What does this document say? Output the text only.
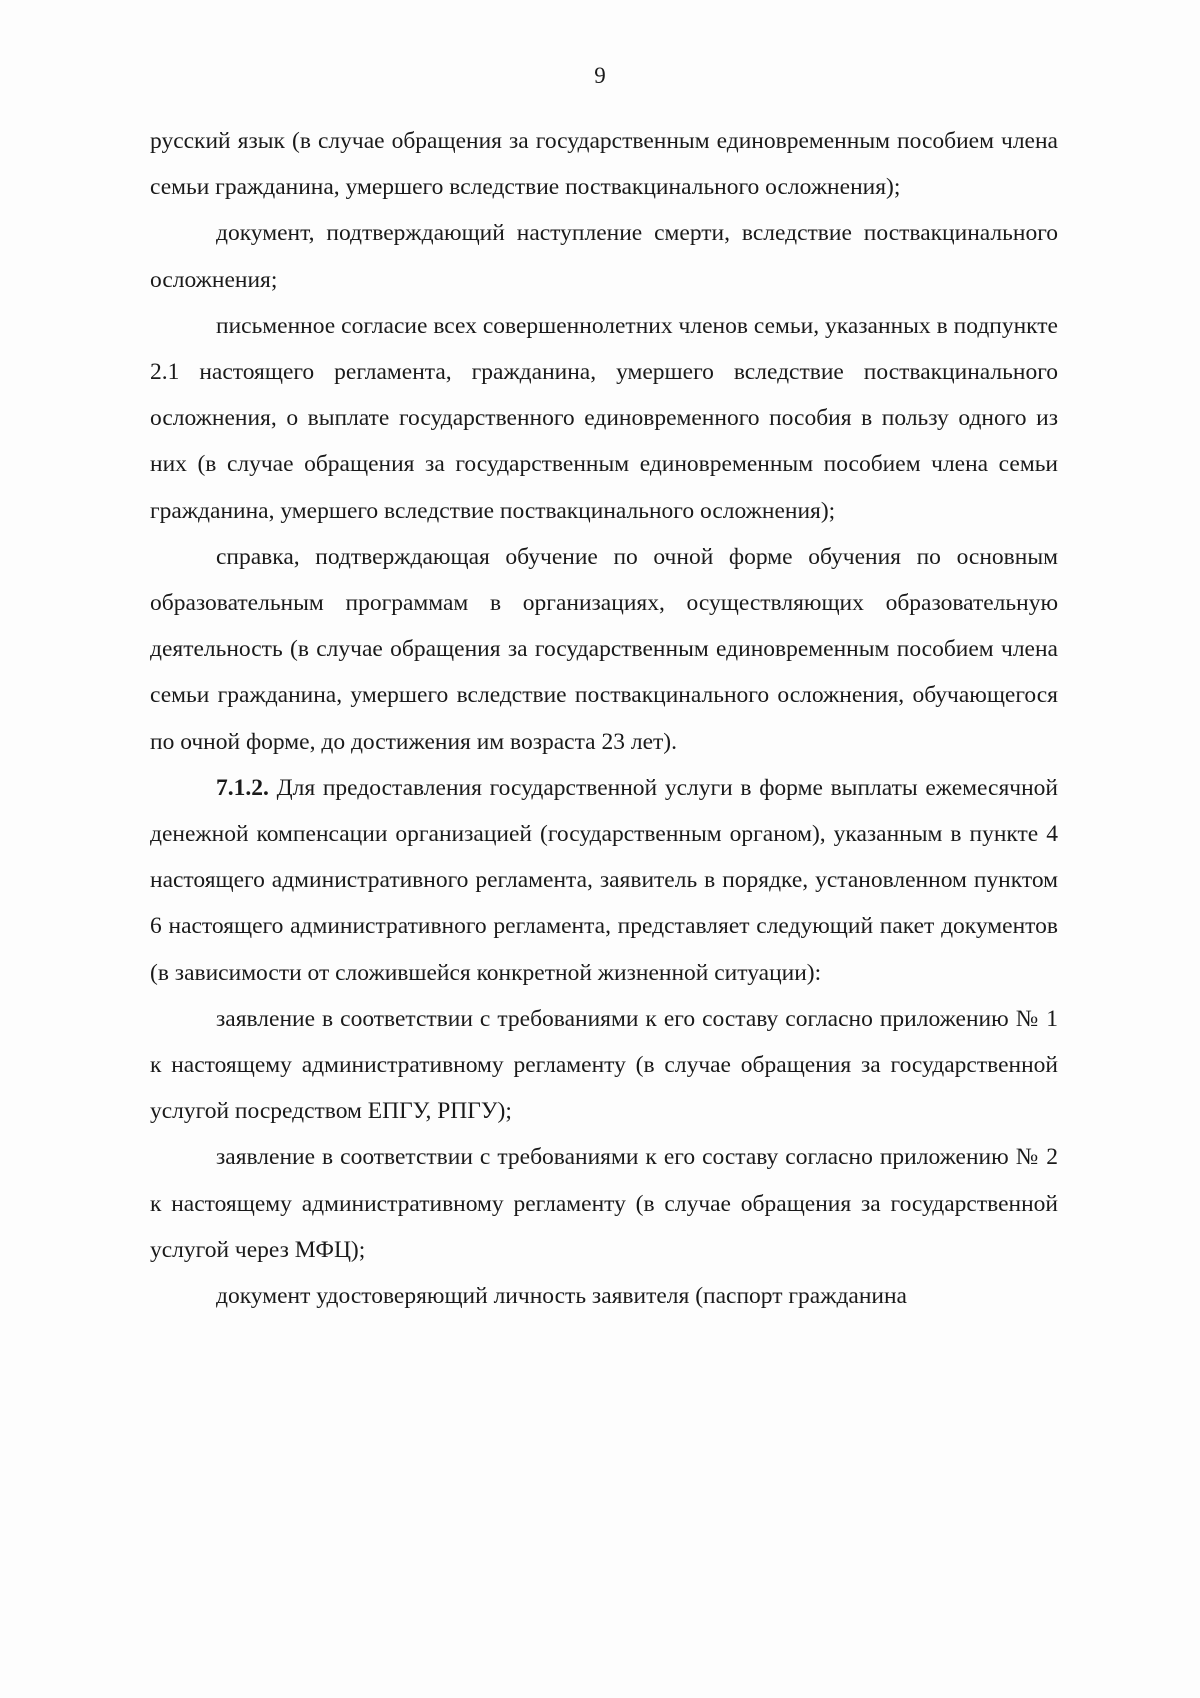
9

русский язык (в случае обращения за государственным единовременным пособием члена семьи гражданина, умершего вследствие поствакцинального осложнения);

документ, подтверждающий наступление смерти, вследствие поствакцинального осложнения;

письменное согласие всех совершеннолетних членов семьи, указанных в подпункте 2.1 настоящего регламента, гражданина, умершего вследствие поствакцинального осложнения, о выплате государственного единовременного пособия в пользу одного из них (в случае обращения за государственным единовременным пособием члена семьи гражданина, умершего вследствие поствакцинального осложнения);

справка, подтверждающая обучение по очной форме обучения по основным образовательным программам в организациях, осуществляющих образовательную деятельность (в случае обращения за государственным единовременным пособием члена семьи гражданина, умершего вследствие поствакцинального осложнения, обучающегося по очной форме, до достижения им возраста 23 лет).

7.1.2. Для предоставления государственной услуги в форме выплаты ежемесячной денежной компенсации организацией (государственным органом), указанным в пункте 4 настоящего административного регламента, заявитель в порядке, установленном пунктом 6 настоящего административного регламента, представляет следующий пакет документов (в зависимости от сложившейся конкретной жизненной ситуации):

заявление в соответствии с требованиями к его составу согласно приложению № 1 к настоящему административному регламенту (в случае обращения за государственной услугой посредством ЕПГУ, РПГУ);

заявление в соответствии с требованиями к его составу согласно приложению № 2 к настоящему административному регламенту (в случае обращения за государственной услугой через МФЦ);

документ удостоверяющий личность заявителя (паспорт гражданина
